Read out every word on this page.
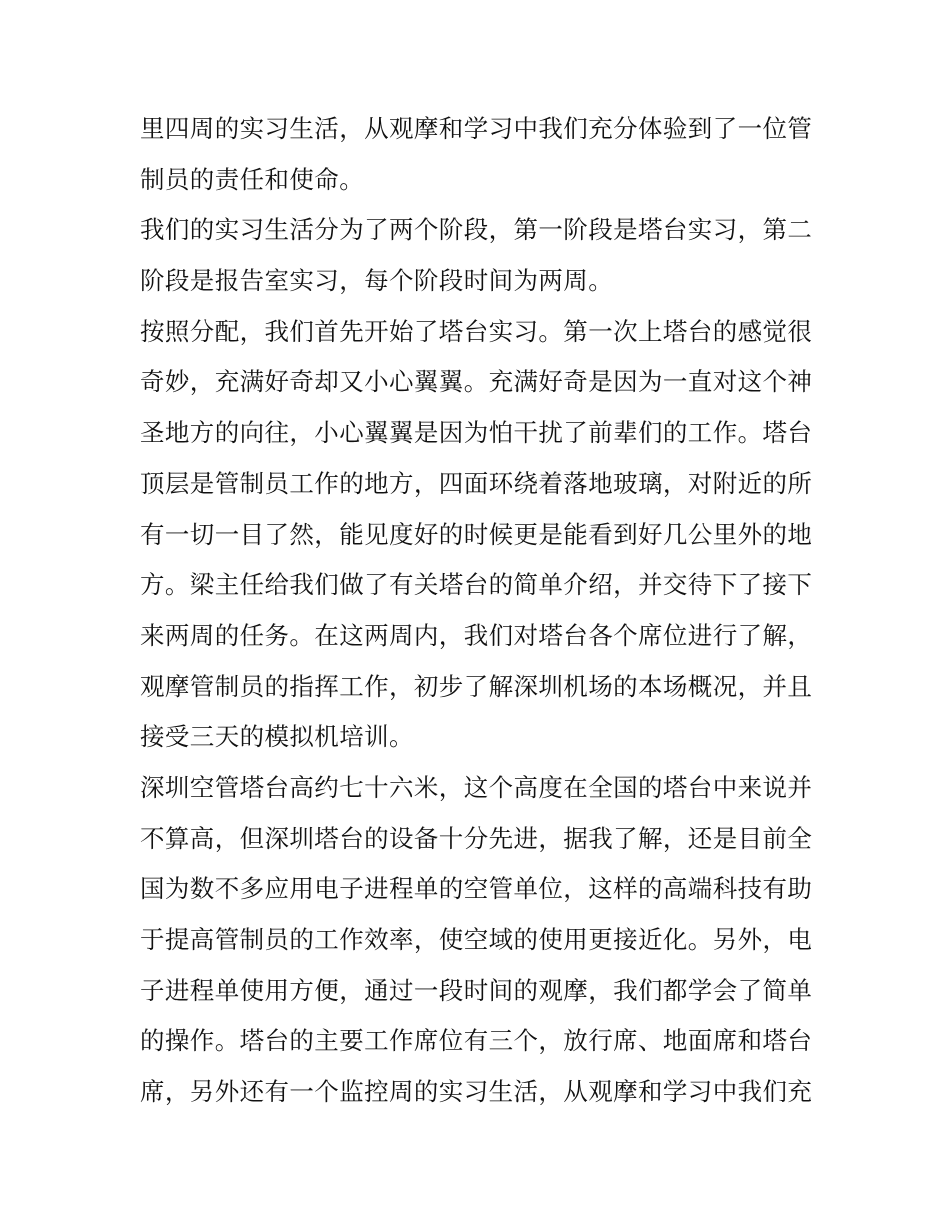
里四周的实习生活，从观摩和学习中我们充分体验到了一位管
制员的责任和使命。

我们的实习生活分为了两个阶段，第一阶段是塔台实习，第二
阶段是报告室实习，每个阶段时间为两周。

按照分配，我们首先开始了塔台实习。第一次上塔台的感觉很
奇妙，充满好奇却又小心翼翼。充满好奇是因为一直对这个神
圣地方的向往，小心翼翼是因为怕干扰了前辈们的工作。塔台
顶层是管制员工作的地方，四面环绕着落地玻璃，对附近的所
有一切一目了然，能见度好的时候更是能看到好几公里外的地
方。梁主任给我们做了有关塔台的简单介绍，并交待下了接下
来两周的任务。在这两周内，我们对塔台各个席位进行了解，
观摩管制员的指挥工作，初步了解深圳机场的本场概况，并且
接受三天的模拟机培训。

深圳空管塔台高约七十六米，这个高度在全国的塔台中来说并
不算高，但深圳塔台的设备十分先进，据我了解，还是目前全
国为数不多应用电子进程单的空管单位，这样的高端科技有助
于提高管制员的工作效率，使空域的使用更接近化。另外，电
子进程单使用方便，通过一段时间的观摩，我们都学会了简单
的操作。塔台的主要工作席位有三个，放行席、地面席和塔台
席，另外还有一个监控周的实习生活，从观摩和学习中我们充
